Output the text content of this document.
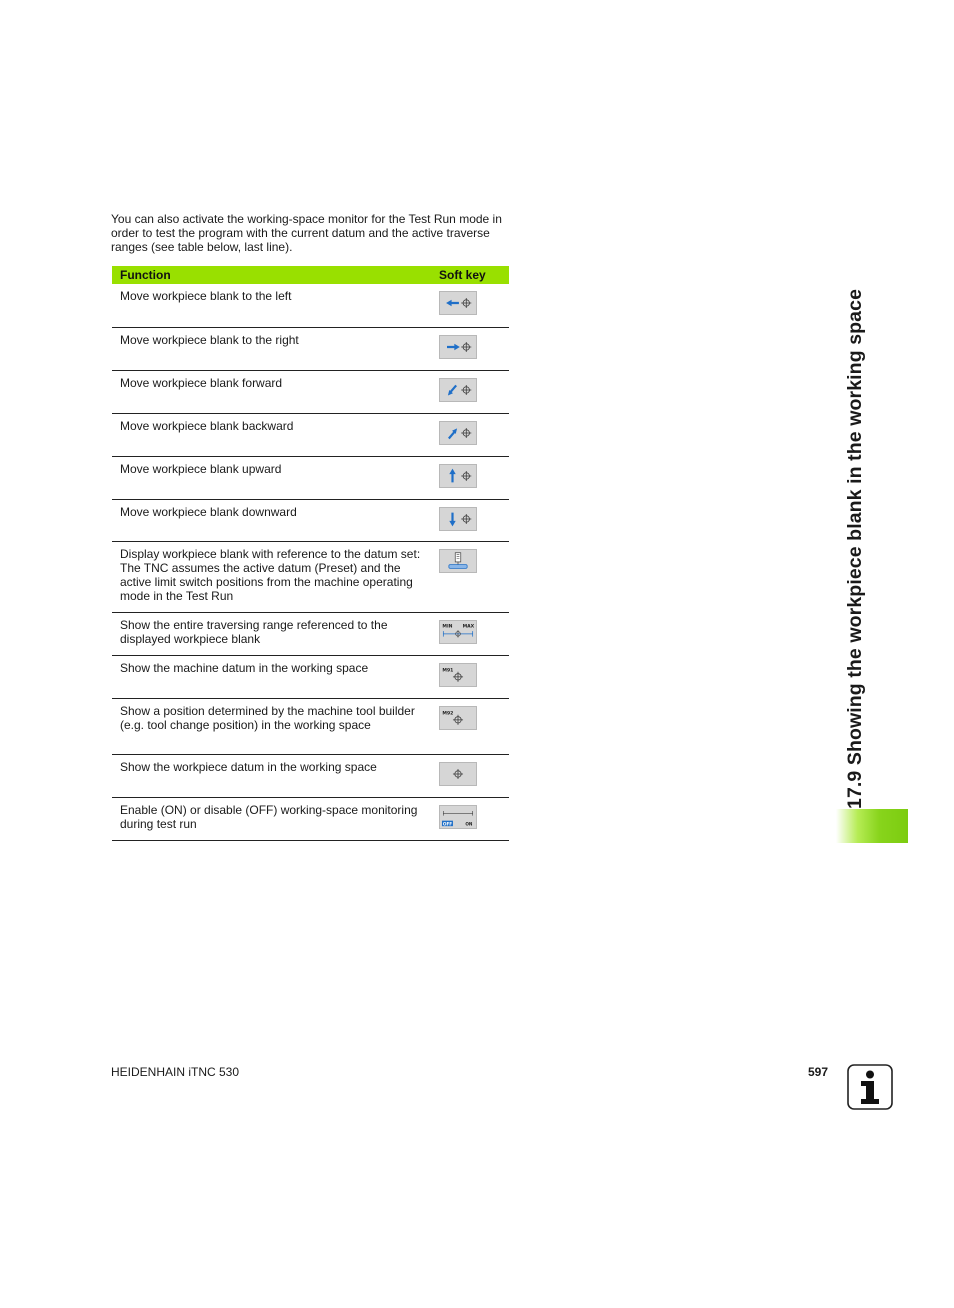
You can also activate the working-space monitor for the Test Run mode in order to test the program with the current datum and the active traverse ranges (see table below, last line).

Function	Soft key
Move workpiece blank to the left	

Move workpiece blank to the right	

Move workpiece blank forward	

Move workpiece blank backward	

Move workpiece blank upward	

Move workpiece blank downward	

Display workpiece blank with reference to the datum set: The TNC assumes the active datum (Preset) and the active limit switch positions from the machine operating mode in the Test Run	

Show the entire traversing range referenced to the displayed workpiece blank	MIN MAX

Show the machine datum in the working space	M91

Show a position determined by the machine tool builder (e.g. tool change position) in the working space	M92

Show the workpiece datum in the working space	

Enable (ON) or disable (OFF) working-space monitoring during test run	OFF ON
17.9 Showing the workpiece blank in the working space
HEIDENHAIN iTNC 530	597
